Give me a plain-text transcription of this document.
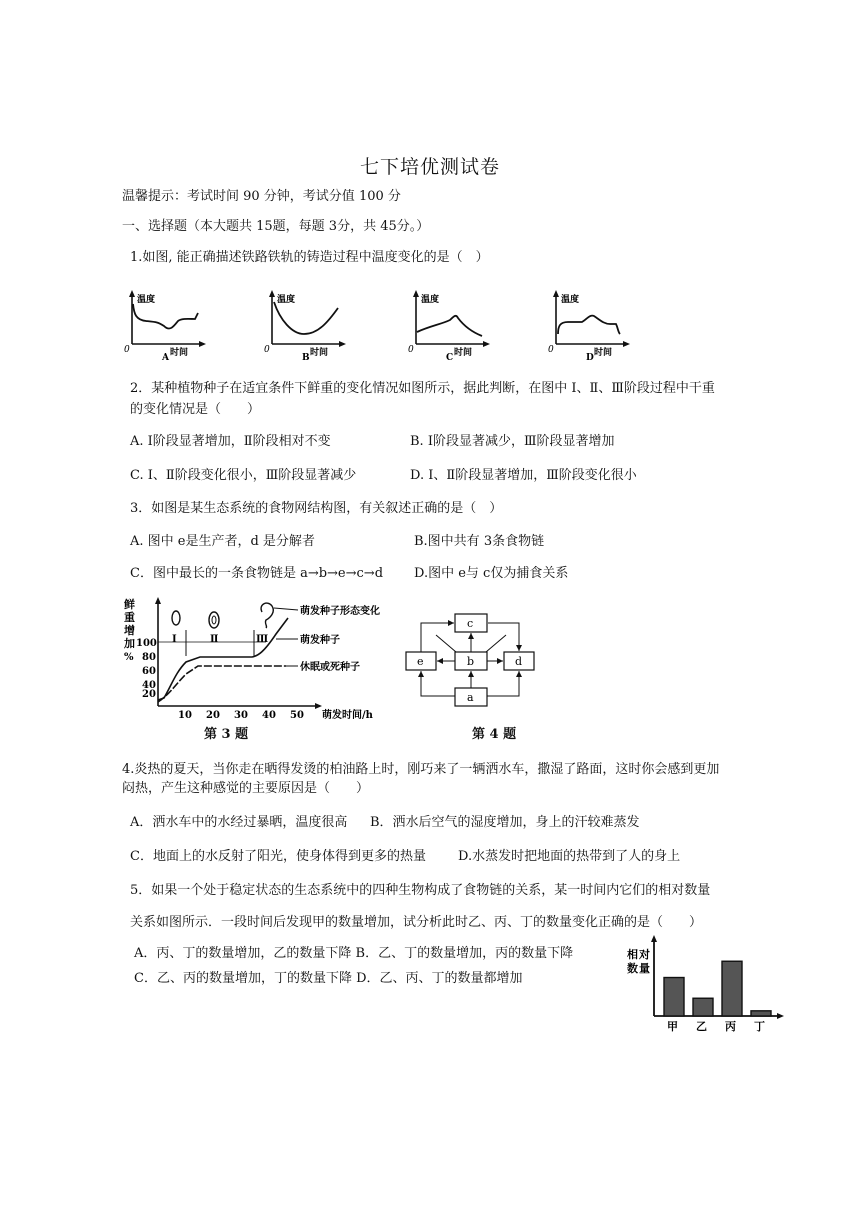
七下培优测试卷
温馨提示：考试时间 90 分钟，考试分值 100 分
一、选择题（本大题共 15题，每题 3分，共 45分。）
1.如图, 能正确描述铁路铁轨的铸造过程中温度变化的是（　）
温度
时间
0
A
温度
时间
0
B
温度
时间
0
C
温度
时间
0
D
2．某种植物种子在适宜条件下鲜重的变化情况如图所示，据此判断，在图中 I、Ⅱ、Ⅲ阶段过程中干重
的变化情况是（　　）
A. Ⅰ阶段显著增加，Ⅱ阶段相对不变	B. Ⅰ阶段显著减少，Ⅲ阶段显著增加
C. Ⅰ、Ⅱ阶段变化很小，Ⅲ阶段显著减少	D. Ⅰ、Ⅱ阶段显著增加，Ⅲ阶段变化很小
3．如图是某生态系统的食物网结构图，有关叙述正确的是（　）
A. 图中 e是生产者，d 是分解者	B.图中共有 3条食物链
C．图中最长的一条食物链是 a→b→e→c→d D.图中 e与 c仅为捕食关系
鲜
重
增
加
%
100
80
60
40
20
10 20 30 40 50 萌发时间/h
Ⅰ	Ⅱ	Ⅲ
萌发种子形态变化
萌发种子
休眠或死种子
第 3 题
c
e	b	d
a
第 4 题
4.炎热的夏天，当你走在晒得发烫的柏油路上时，刚巧来了一辆洒水车，撒湿了路面，这时你会感到更加
闷热，产生这种感觉的主要原因是（　　）
A．洒水车中的水经过暴晒，温度很高 B．洒水后空气的湿度增加，身上的汗较难蒸发
C．地面上的水反射了阳光，使身体得到更多的热量 D.水蒸发时把地面的热带到了人的身上
5．如果一个处于稳定状态的生态系统中的四种生物构成了食物链的关系，某一时间内它们的相对数量
关系如图所示．一段时间后发现甲的数量增加，试分析此时乙、丙、丁的数量变化正确的是（　　）
A．丙、丁的数量增加，乙的数量下降 B．乙、丁的数量增加，丙的数量下降
C．乙、丙的数量增加，丁的数量下降 D．乙、丙、丁的数量都增加
相 对
数 量
甲 乙 丙 丁
